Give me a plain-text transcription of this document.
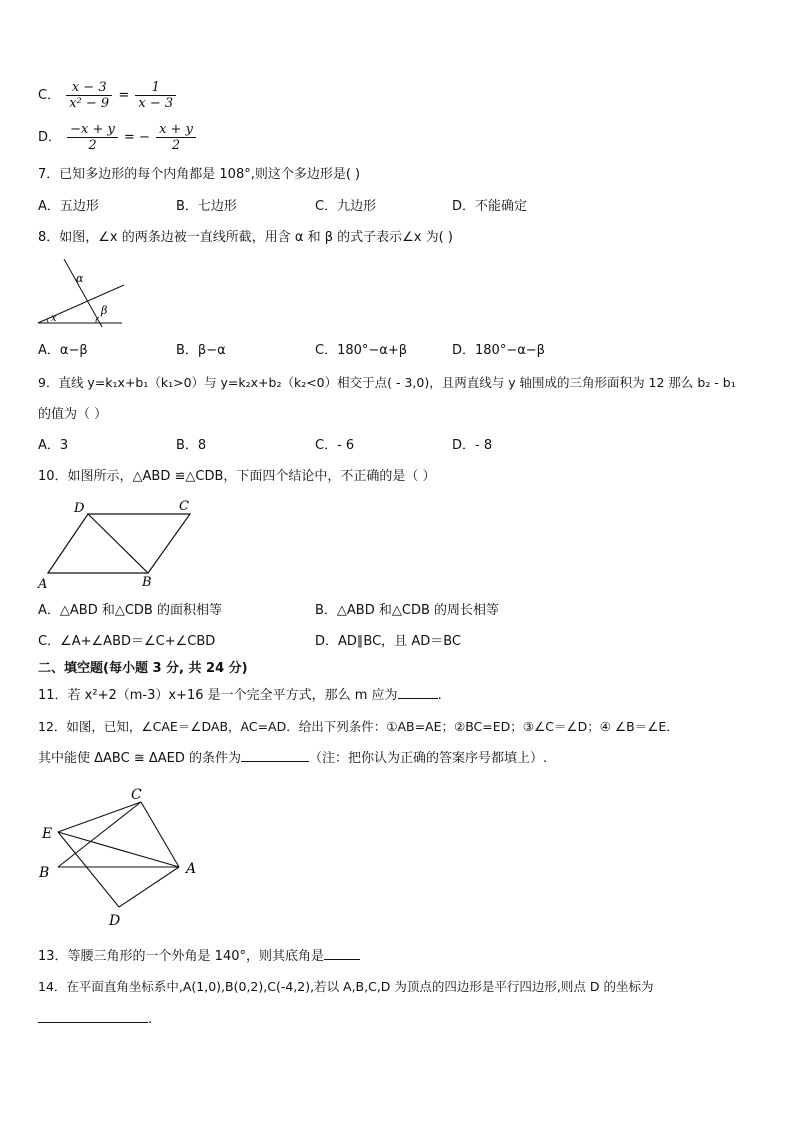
C． $\frac{x - 3}{\text{x² − 9}} = \frac{1}{x - 3}$
D． $\frac{-x + y}{2}$ = − $\frac{x + y}{2}$
7．已知多边形的每个内角都是 108°,则这个多边形是( )
A．五边形	B．七边形	C．九边形	D．不能确定
8．如图，∠x 的两条边被一直线所截，用含 α 和 β 的式子表示∠x 为( )
α
β
x
A．α−β	B．β−α	C．180°−α+β	D．180°−α−β
9．直线 y=k₁x+b₁（k₁>0）与 y=k₂x+b₂（k₂<0）相交于点( - 3,0)，且两直线与 y 轴围成的三角形面积为 12 那么 b₂ - b₁
的值为（ ）
A．3	B．8	C．- 6	D．- 8
10．如图所示，△ABD ≌△CDB，下面四个结论中，不正确的是（ ）
D	C
A	B
A．△ABD 和△CDB 的面积相等	B．△ABD 和△CDB 的周长相等
C．∠A+∠ABD＝∠C+∠CBD	D．AD∥BC，且 AD＝BC
二、填空题(每小题 3 分, 共 24 分)
11．若 x²+2（m-3）x+16 是一个完全平方式，那么 m 应为	.
12．如图，已知，∠CAE＝∠DAB，AC=AD．给出下列条件：①AB=AE；②BC=ED；③∠C＝∠D；④ ∠B＝∠E．
其中能使 ΔABC ≅ ΔAED 的条件为	（注：把你认为正确的答案序号都填上）.
C
E
B	A
D
13．等腰三角形的一个外角是 140°，则其底角是
14．在平面直角坐标系中,A(1,0),B(0,2),C(-4,2),若以 A,B,C,D 为顶点的四边形是平行四边形,则点 D 的坐标为
.
